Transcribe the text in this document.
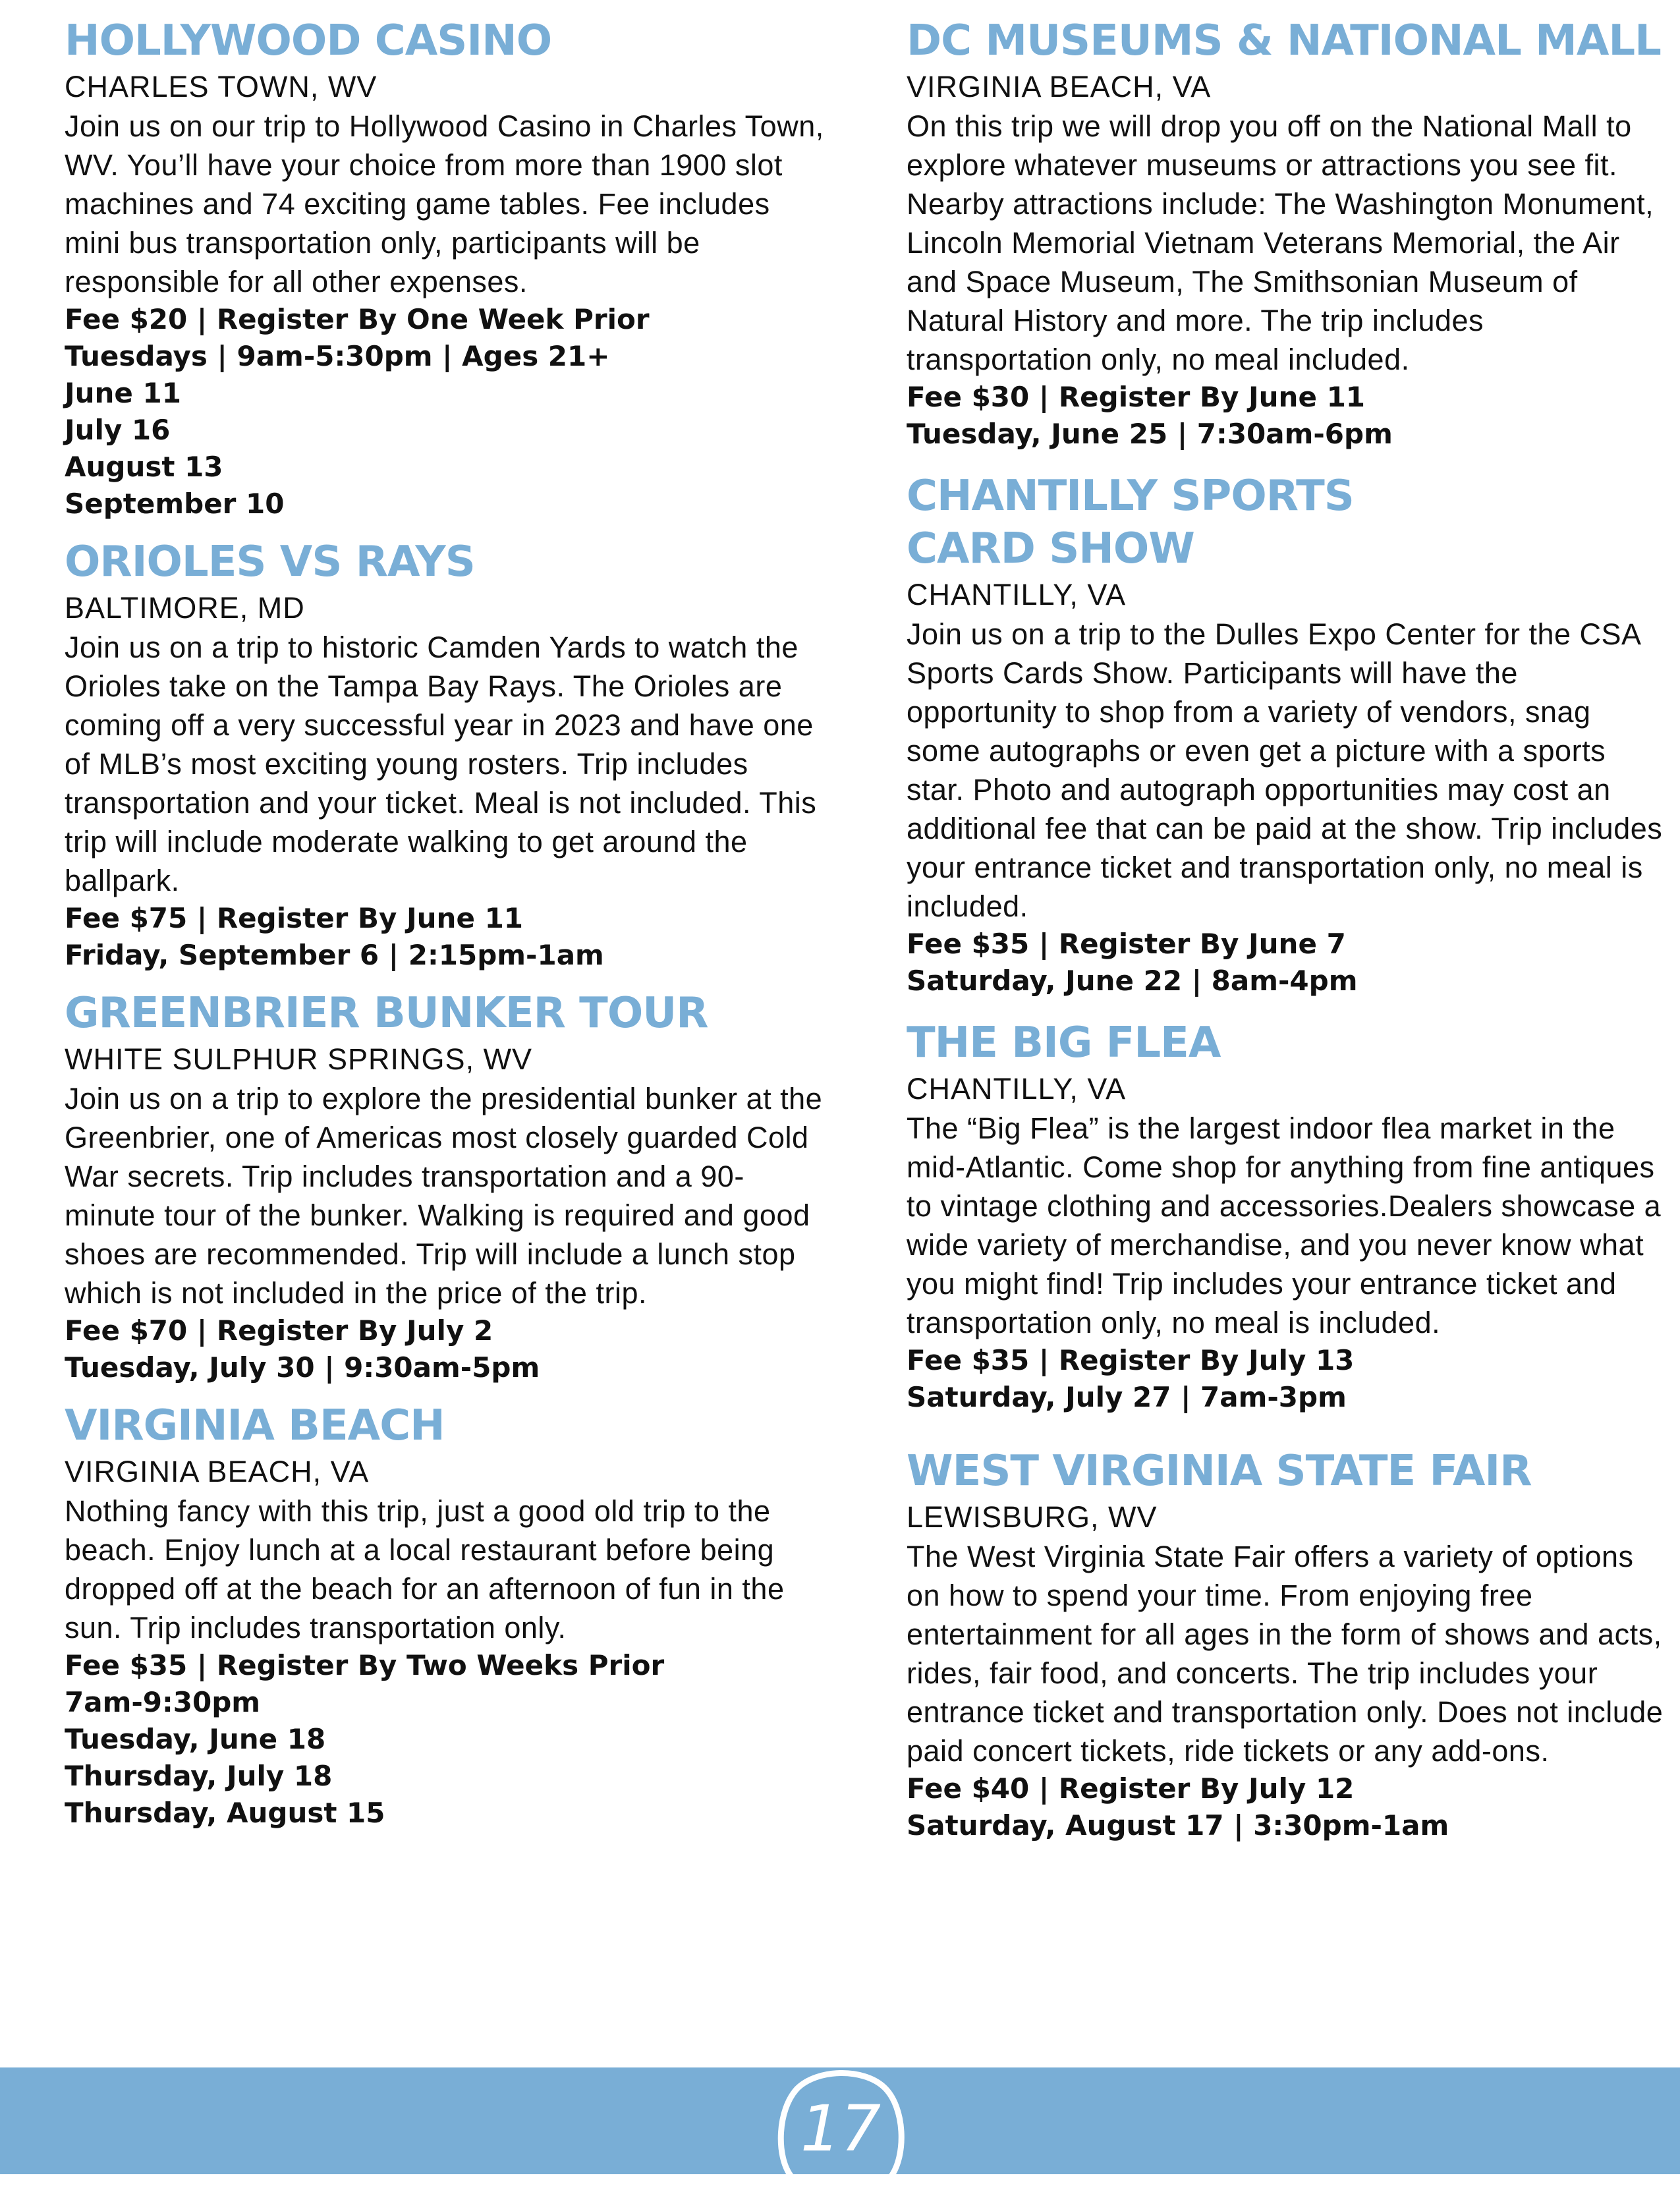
HOLLYWOOD CASINO

CHARLES TOWN, WV

Join us on our trip to Hollywood Casino in Charles Town, WV. You’ll have your choice from more than 1900 slot machines and 74 exciting game tables. Fee includes mini bus transportation only, participants will be responsible for all other expenses.

Fee $20 | Register By One Week Prior

Tuesdays | 9am-5:30pm | Ages 21+

June 11

July 16

August 13

September 10

ORIOLES VS RAYS

BALTIMORE, MD

Join us on a trip to historic Camden Yards to watch the Orioles take on the Tampa Bay Rays. The Orioles are coming off a very successful year in 2023 and have one of MLB’s most exciting young rosters. Trip includes transportation and your ticket. Meal is not included. This trip will include moderate walking to get around the ballpark.

Fee $75 | Register By June 11

Friday, September 6 | 2:15pm-1am

GREENBRIER BUNKER TOUR

WHITE SULPHUR SPRINGS, WV

Join us on a trip to explore the presidential bunker at the Greenbrier, one of Americas most closely guarded Cold War secrets. Trip includes transportation and a 90-minute tour of the bunker. Walking is required and good shoes are recommended. Trip will include a lunch stop which is not included in the price of the trip.

Fee $70 | Register By July 2

Tuesday, July 30 | 9:30am-5pm

VIRGINIA BEACH

VIRGINIA BEACH, VA

Nothing fancy with this trip, just a good old trip to the beach. Enjoy lunch at a local restaurant before being dropped off at the beach for an afternoon of fun in the sun. Trip includes transportation only.

Fee $35 | Register By Two Weeks Prior

7am-9:30pm

Tuesday, June 18

Thursday, July 18

Thursday, August 15

DC MUSEUMS & NATIONAL MALL

VIRGINIA BEACH, VA

On this trip we will drop you off on the National Mall to explore whatever museums or attractions you see fit. Nearby attractions include: The Washington Monument, Lincoln Memorial Vietnam Veterans Memorial, the Air and Space Museum, The Smithsonian Museum of Natural History and more. The trip includes transportation only, no meal included.

Fee $30 | Register By June 11

Tuesday, June 25 | 7:30am-6pm

CHANTILLY SPORTS
CARD SHOW

CHANTILLY, VA

Join us on a trip to the Dulles Expo Center for the CSA Sports Cards Show. Participants will have the opportunity to shop from a variety of vendors, snag some autographs or even get a picture with a sports star. Photo and autograph opportunities may cost an additional fee that can be paid at the show. Trip includes your entrance ticket and transportation only, no meal is included.

Fee $35 | Register By June 7

Saturday, June 22 | 8am-4pm

THE BIG FLEA

CHANTILLY, VA

The “Big Flea” is the largest indoor flea market in the mid-Atlantic. Come shop for anything from fine antiques to vintage clothing and accessories.Dealers showcase a wide variety of merchandise, and you never know what you might find! Trip includes your entrance ticket and transportation only, no meal is included.

Fee $35 | Register By July 13

Saturday, July 27 | 7am-3pm

WEST VIRGINIA STATE FAIR

LEWISBURG, WV

The West Virginia State Fair offers a variety of options on how to spend your time. From enjoying free entertainment for all ages in the form of shows and acts, rides, fair food, and concerts. The trip includes your entrance ticket and transportation only. Does not include paid concert tickets, ride tickets or any add-ons.

Fee $40 | Register By July 12

Saturday, August 17 | 3:30pm-1am

17
